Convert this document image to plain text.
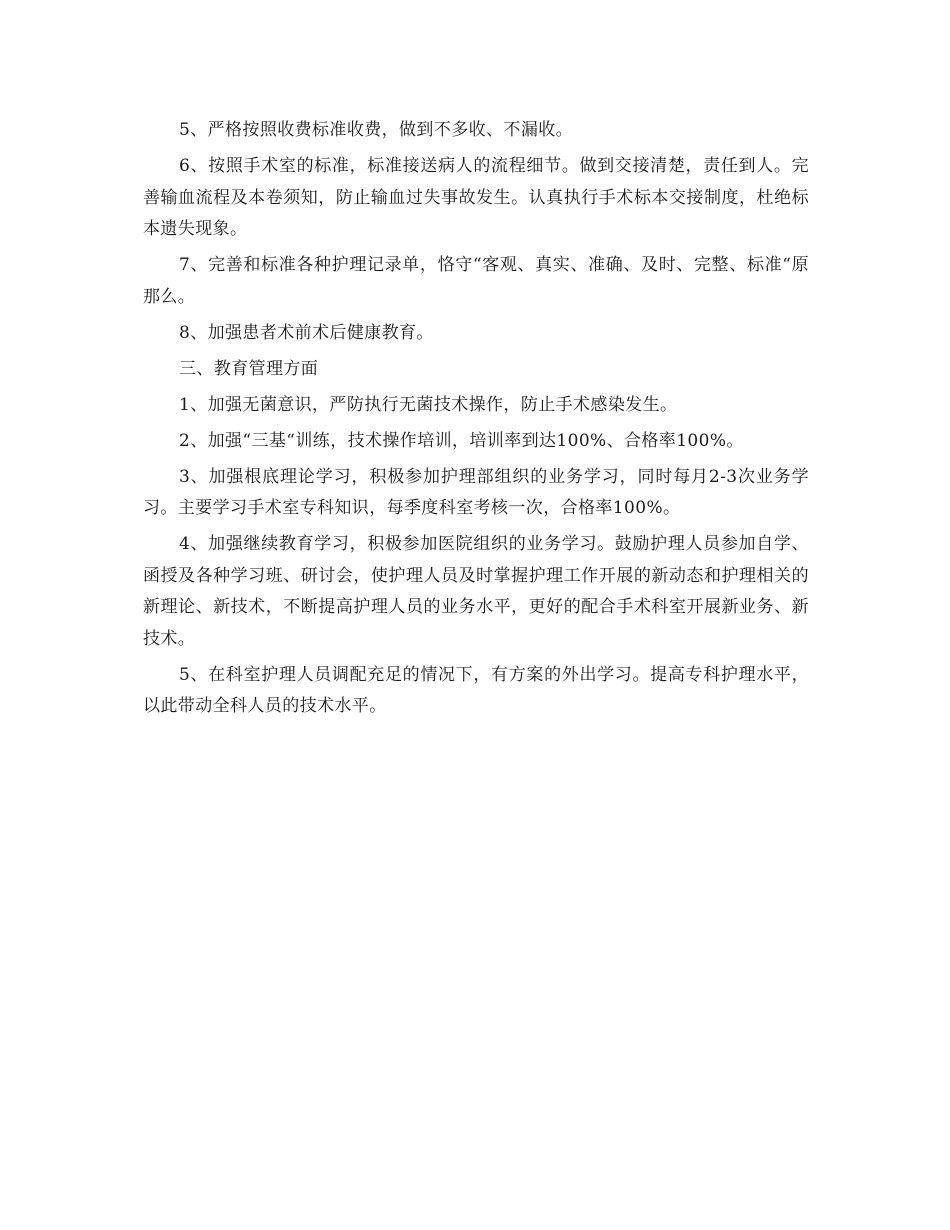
5、严格按照收费标准收费，做到不多收、不漏收。

6、按照手术室的标准，标准接送病人的流程细节。做到交接清楚，责任到人。完善输血流程及本卷须知，防止输血过失事故发生。认真执行手术标本交接制度，杜绝标本遗失现象。

7、完善和标准各种护理记录单，恪守“客观、真实、准确、及时、完整、标准“原那么。

8、加强患者术前术后健康教育。

三、教育管理方面

1、加强无菌意识，严防执行无菌技术操作，防止手术感染发生。

2、加强“三基“训练，技术操作培训，培训率到达100%、合格率100%。

3、加强根底理论学习，积极参加护理部组织的业务学习，同时每月2-3次业务学习。主要学习手术室专科知识，每季度科室考核一次，合格率100%。

4、加强继续教育学习，积极参加医院组织的业务学习。鼓励护理人员参加自学、函授及各种学习班、研讨会，使护理人员及时掌握护理工作开展的新动态和护理相关的新理论、新技术，不断提高护理人员的业务水平，更好的配合手术科室开展新业务、新技术。

5、在科室护理人员调配充足的情况下，有方案的外出学习。提高专科护理水平，以此带动全科人员的技术水平。
